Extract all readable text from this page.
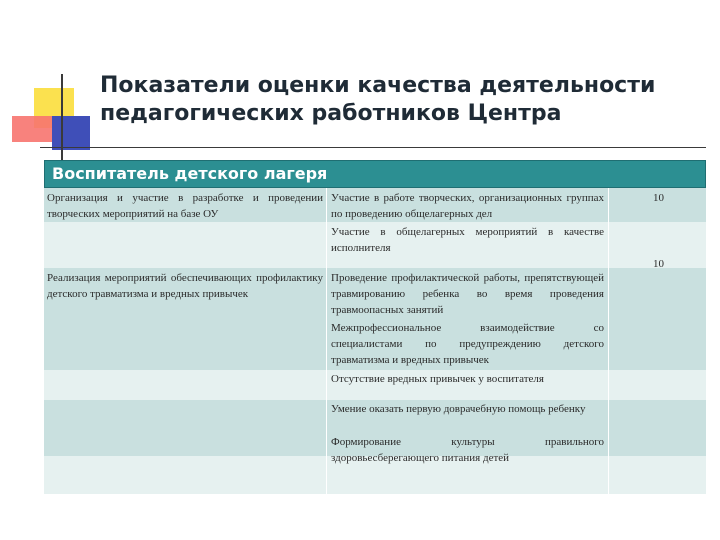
Показатели оценки качества деятельности
педагогических работников Центра
Воспитатель детского лагеря
Организация и участие в разработке и проведении творческих мероприятий на базе ОУ
Участие в работе творческих, организационных группах по проведению общелагерных дел
Участие в общелагерных мероприятий в качестве исполнителя
10
10
Реализация мероприятий обеспечивающих профилактику детского травматизма и вредных привычек
Проведение профилактической работы, препятствующей травмированию ребенка во время проведения травмоопасных занятий
Межпрофессиональное взаимодействие со специалистами по предупреждению детского травматизма и вредных привычек
Отсутствие вредных привычек у воспитателя
Умение оказать первую доврачебную помощь ребенку
Формирование культуры правильного здоровьесберегающего питания детей
